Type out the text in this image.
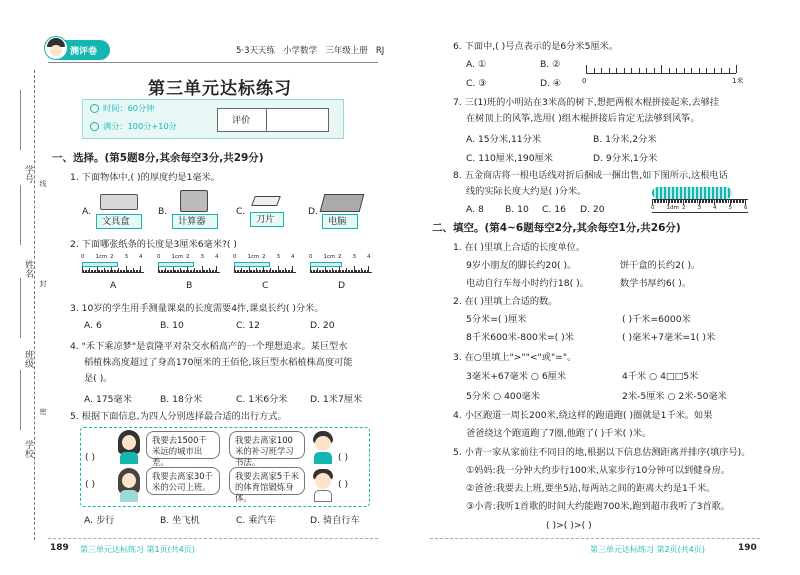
学号
姓名
班级
学校
线
封
密
测评卷	5·3天天练 小学数学 三年级上册 RJ
第三单元达标练习
时间：60分钟
满分：100分+10分	评价
一、选择。(第5题8分,其余每空3分,共29分)
1. 下面物体中,( )的厚度约是1毫米。
A.
文具盒
B.
计算器
C.
刀片
D.
电脑
2. 下面哪张纸条的长度是3厘米6毫米?( )
0 1cm 2 3 4
A
0 1cm 2 3 4
B
0 1cm 2 3 4
C
0 1cm 2 3 4
D
3. 10岁的学生用手测量课桌的长度需要4拃,课桌长约( )分米。
A. 6	B. 10	C. 12	D. 20
4. "禾下乘凉梦"是袁隆平对杂交水稻高产的一个理想追求。某巨型水
稻植株高度超过了身高170厘米的王佰伦,该巨型水稻植株高度可能
是( )。
A. 175毫米	B. 18分米	C. 1米6分米 D. 1米7厘米
5. 根据下面信息,为四人分别选择最合适的出行方式。
( )
我要去1500千米远的城市出差。
我要去离家100米的补习班学习书法。	( )
( )
我要去离家30千米的公司上班。
我要去离家5千米的体育馆锻炼身体。
( )
A. 步行	B. 坐飞机	C. 乘汽车	D. 骑自行车
189 第三单元达标练习 第1页(共4页)
6. 下面中,( )号点表示的是6分米5厘米。
A. ①	B. ②
C. ③	D. ④	0	1米
7. 三(1)班的小明站在3米高的树下,想把两根木棍拼接起来,去够挂
在树顶上的风筝,选用( )组木棍拼接后肯定无法够到风筝。
A. 15分米,11分米	B. 1分米,2分米
C. 110厘米,190厘米	D. 9分米,1分米
8. 五金商店将一根电话线对折后捆成一捆出售,如下图所示,这根电话
线的实际长度大约是( )分米。
A. 8 B. 10 C. 16 D. 20	0 1dm 2 3 4 5 6
二、填空。(第4~6题每空2分,其余每空1分,共26分)
1. 在( )里填上合适的长度单位。
9岁小朋友的脚长约20( )。	饼干盒的长约2( )。
电动自行车每小时约行18( )。	数学书厚约6( )。
2. 在( )里填上合适的数。
5分米=( )厘米	( )千米=6000米
8千米600米-800米=( )米	( )毫米+7毫米=1( )米
3. 在○里填上">""<"或"="。
3毫米+67毫米 ○ 6厘米	4千米 ○ 4□□5米
5分米 ○ 400毫米	2米-5厘米 ○ 2米-50毫米
4. 小区跑道一周长200米,绕这样的跑道跑( )圈就是1千米。如果
爸爸绕这个跑道跑了7圈,他跑了( )千米( )米。
5. 小青一家从家前往不同目的地,根据以下信息估测距离并排序(填序号)。
①妈妈:我一分钟大约步行100米,从家步行10分钟可以到健身房。
②爸爸:我要去上班,要坐5站,每两站之间的距离大约是1千米。
③小青:我听1首歌的时间大约能跑700米,跑到超市我听了3首歌。
( )>( )>( )
第三单元达标练习 第2页(共4页)	190
